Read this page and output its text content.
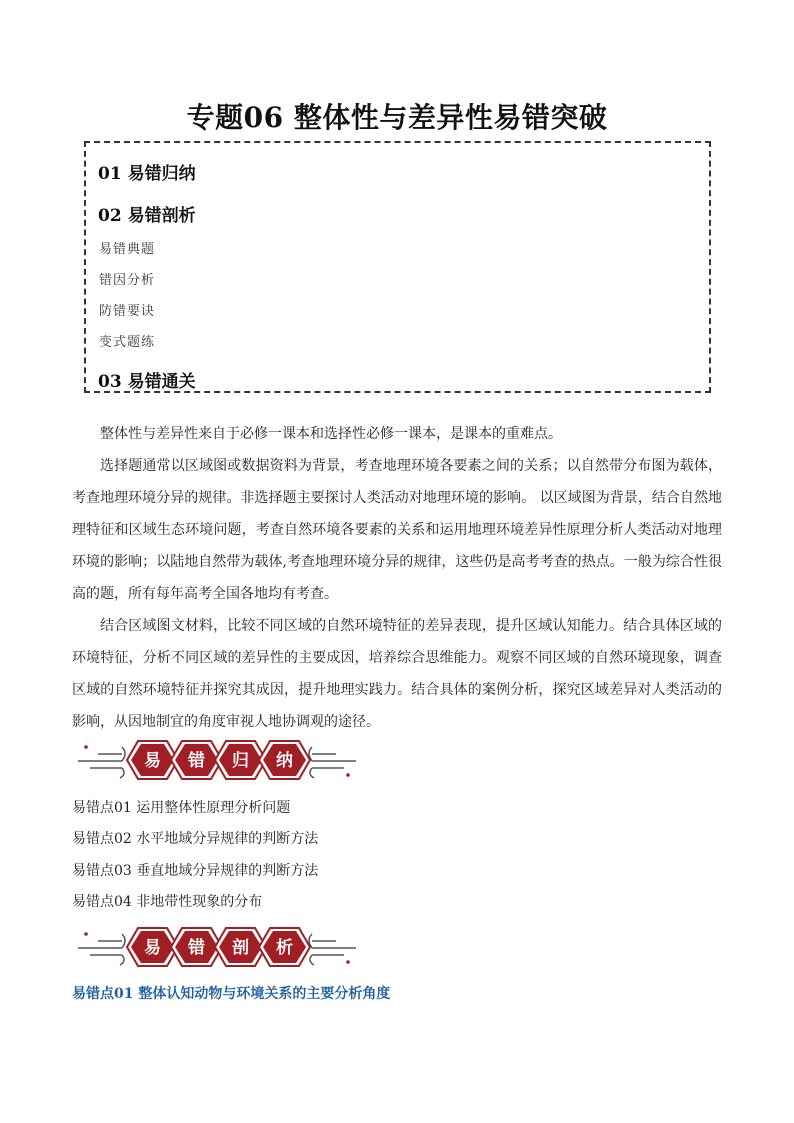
专题06 整体性与差异性易错突破
01 易错归纳
02 易错剖析
易错典题
错因分析
防错要诀
变式题练
03 易错通关

整体性与差异性来自于必修一课本和选择性必修一课本，是课本的重难点。

选择题通常以区域图或数据资料为背景，考查地理环境各要素之间的关系；以自然带分布图为载体，考查地理环境分异的规律。非选择题主要探讨人类活动对地理环境的影响。 以区域图为背景，结合自然地理特征和区域生态环境问题，考查自然环境各要素的关系和运用地理环境差异性原理分析人类活动对地理环境的影响；以陆地自然带为载体,考查地理环境分异的规律，这些仍是高考考查的热点。一般为综合性很高的题，所有每年高考全国各地均有考查。

结合区域图文材料，比较不同区域的自然环境特征的差异表现，提升区域认知能力。结合具体区域的环境特征，分析不同区域的差异性的主要成因，培养综合思维能力。观察不同区域的自然环境现象，调查区域的自然环境特征并探究其成因，提升地理实践力。结合具体的案例分析，探究区域差异对人类活动的影响，从因地制宜的角度审视人地协调观的途径。

易 错 归 纳
易错点01 运用整体性原理分析问题
易错点02 水平地域分异规律的判断方法
易错点03 垂直地域分异规律的判断方法
易错点04 非地带性现象的分布
易 错 剖 析
易错点01 整体认知动物与环境关系的主要分析角度
